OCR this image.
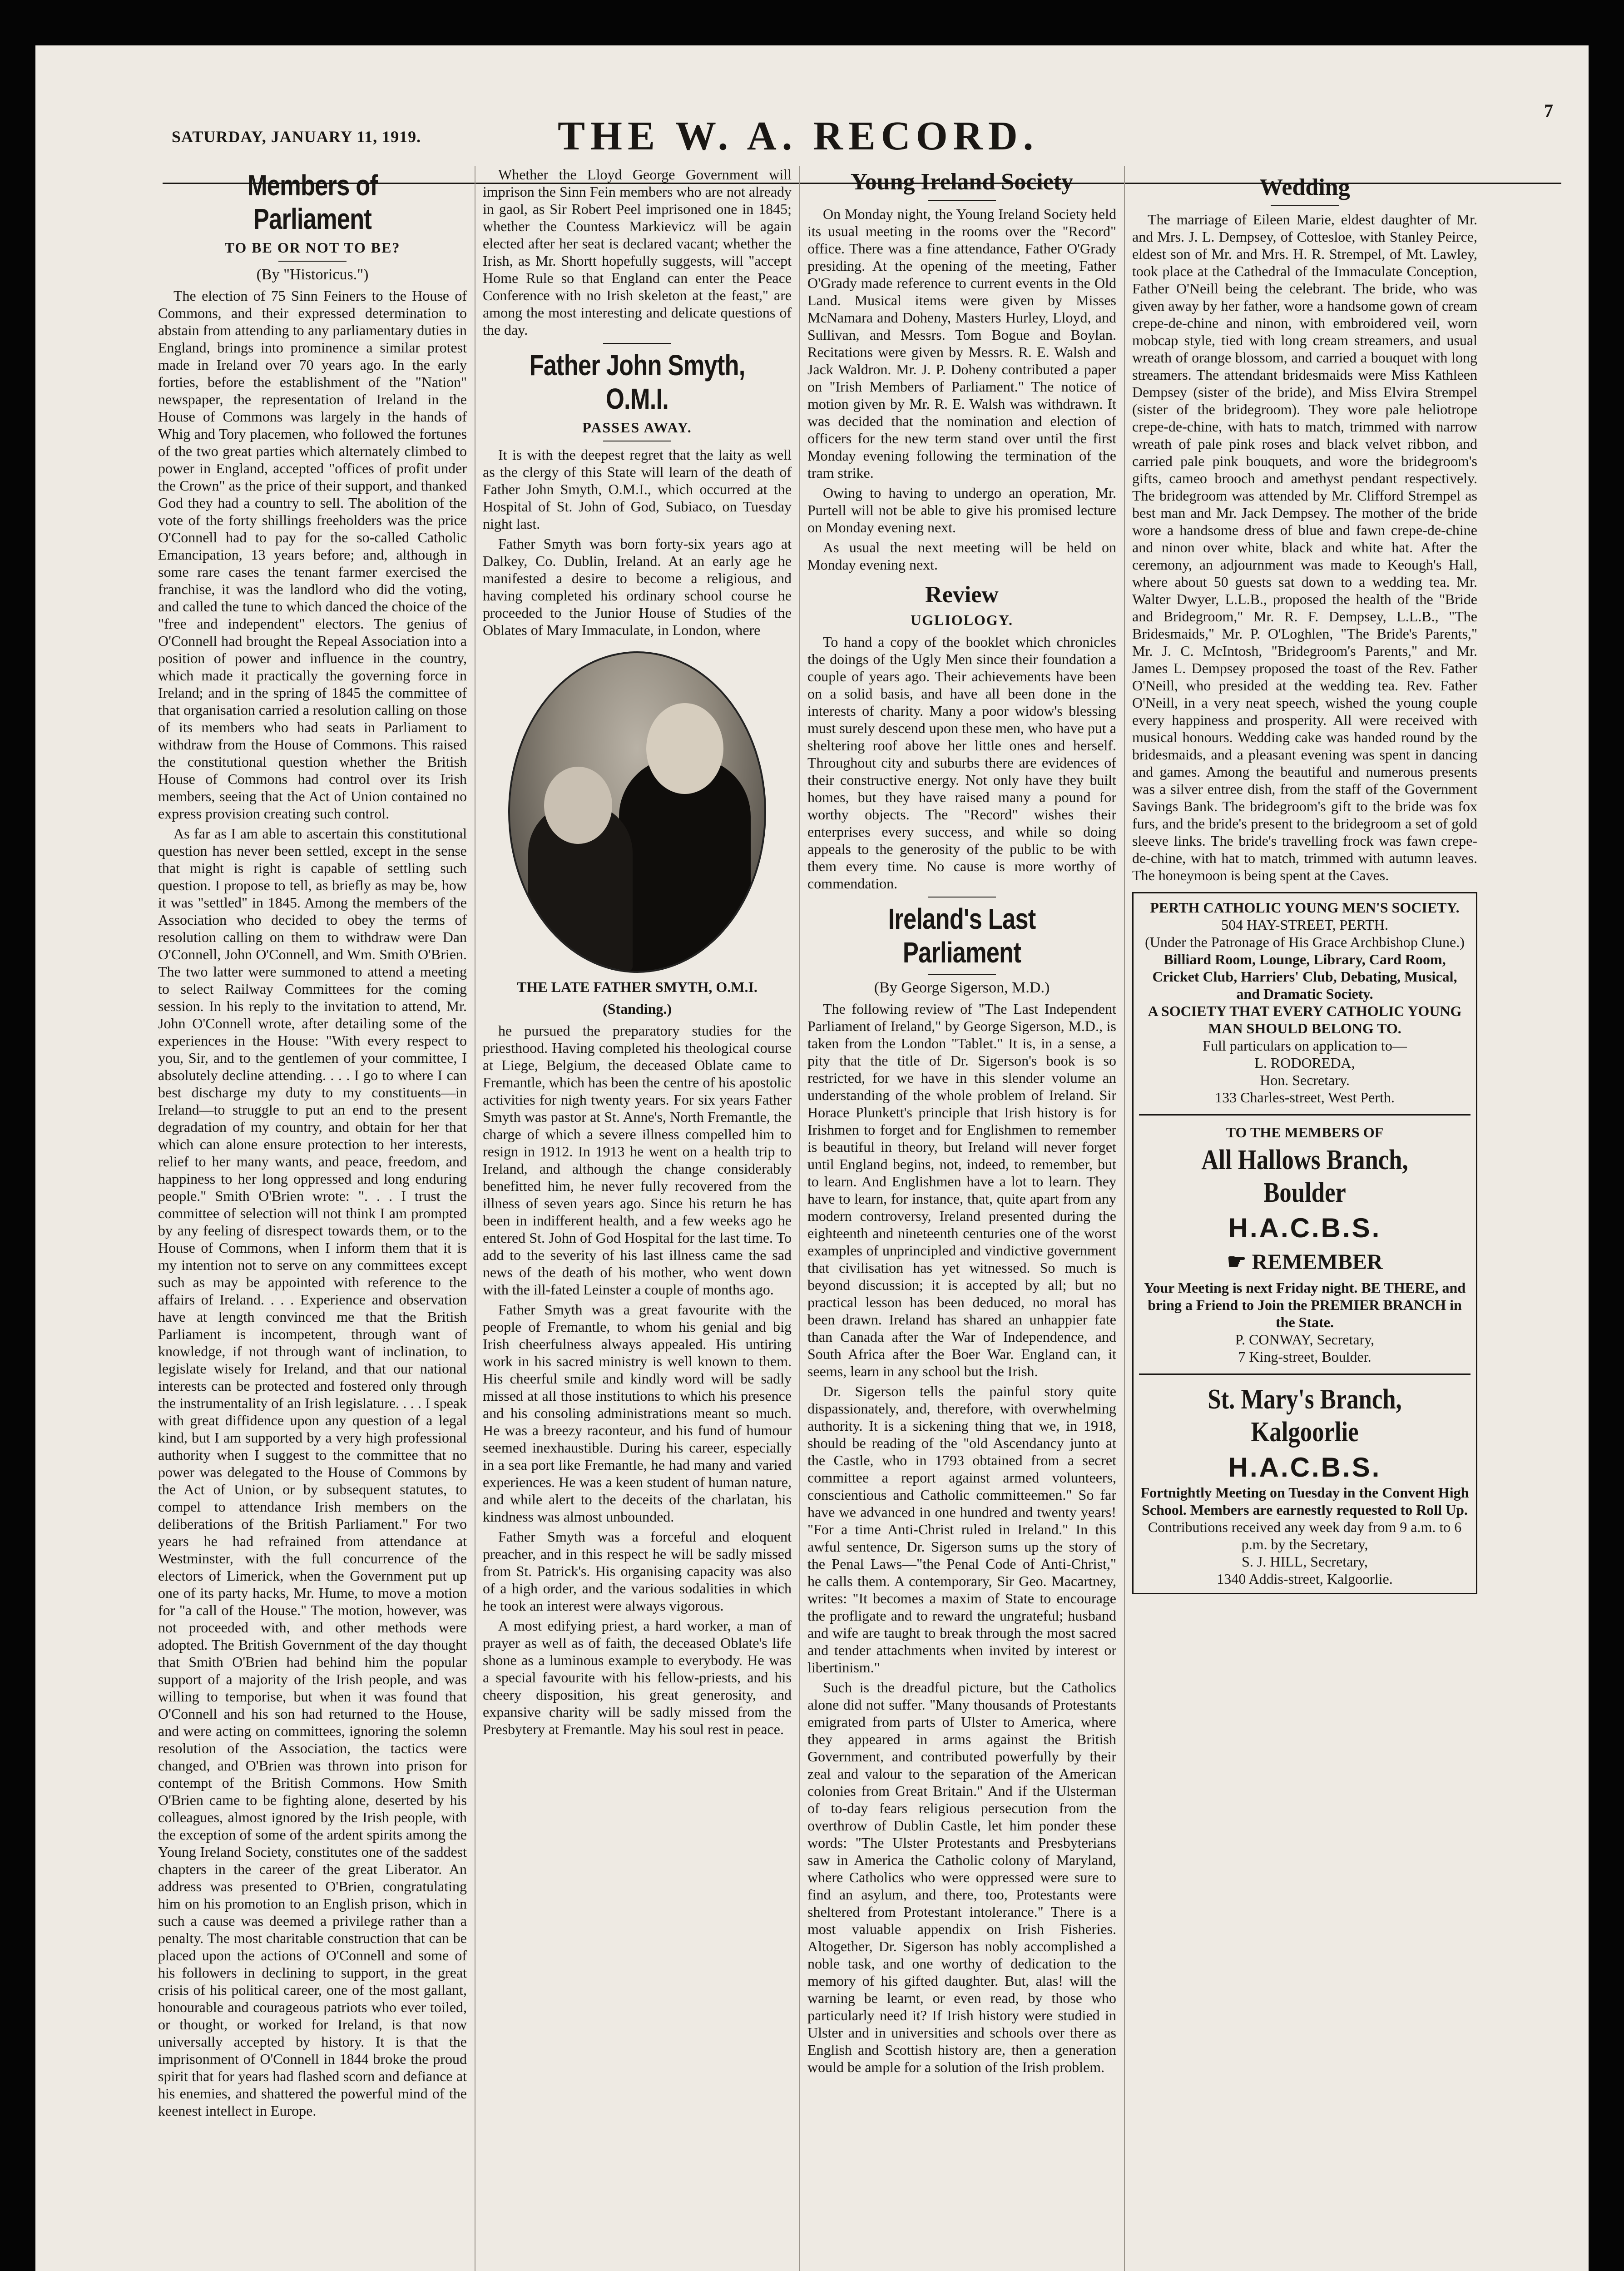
SATURDAY, JANUARY 11, 1919.	THE W. A. RECORD.
7
Members of Parliament
TO BE OR NOT TO BE?
(By "Historicus.")

The election of 75 Sinn Feiners to the House of Commons, and their expressed determination to abstain from attending to any parliamentary duties in England, brings into prominence a similar protest made in Ireland over 70 years ago. In the early forties, before the establishment of the "Nation" newspaper, the representation of Ireland in the House of Commons was largely in the hands of Whig and Tory placemen, who followed the fortunes of the two great parties which alternately climbed to power in England, accepted "offices of profit under the Crown" as the price of their support, and thanked God they had a country to sell. The abolition of the vote of the forty shillings freeholders was the price O'Connell had to pay for the so-called Catholic Emancipation, 13 years before; and, although in some rare cases the tenant farmer exercised the franchise, it was the landlord who did the voting, and called the tune to which danced the choice of the "free and independent" electors. The genius of O'Connell had brought the Repeal Association into a position of power and influence in the country, which made it practically the governing force in Ireland; and in the spring of 1845 the committee of that organisation carried a resolution calling on those of its members who had seats in Parliament to withdraw from the House of Commons. This raised the constitutional question whether the British House of Commons had control over its Irish members, seeing that the Act of Union contained no express provision creating such control.

As far as I am able to ascertain this constitutional question has never been settled, except in the sense that might is right is capable of settling such question. I propose to tell, as briefly as may be, how it was "settled" in 1845. Among the members of the Association who decided to obey the terms of resolution calling on them to withdraw were Dan O'Connell, John O'Connell, and Wm. Smith O'Brien. The two latter were summoned to attend a meeting to select Railway Committees for the coming session. In his reply to the invitation to attend, Mr. John O'Connell wrote, after detailing some of the experiences in the House: "With every respect to you, Sir, and to the gentlemen of your committee, I absolutely decline attending. . . . I go to where I can best discharge my duty to my constituents—in Ireland—to struggle to put an end to the present degradation of my country, and obtain for her that which can alone ensure protection to her interests, relief to her many wants, and peace, freedom, and happiness to her long oppressed and long enduring people." Smith O'Brien wrote: ". . . I trust the committee of selection will not think I am prompted by any feeling of disrespect towards them, or to the House of Commons, when I inform them that it is my intention not to serve on any committees except such as may be appointed with reference to the affairs of Ireland. . . . Experience and observation have at length convinced me that the British Parliament is incompetent, through want of knowledge, if not through want of inclination, to legislate wisely for Ireland, and that our national interests can be protected and fostered only through the instrumentality of an Irish legislature. . . . I speak with great diffidence upon any question of a legal kind, but I am supported by a very high professional authority when I suggest to the committee that no power was delegated to the House of Commons by the Act of Union, or by subsequent statutes, to compel to attendance Irish members on the deliberations of the British Parliament." For two years he had refrained from attendance at Westminster, with the full concurrence of the electors of Limerick, when the Government put up one of its party hacks, Mr. Hume, to move a motion for "a call of the House." The motion, however, was not proceeded with, and other methods were adopted. The British Government of the day thought that Smith O'Brien had behind him the popular support of a majority of the Irish people, and was willing to temporise, but when it was found that O'Connell and his son had returned to the House, and were acting on committees, ignoring the solemn resolution of the Association, the tactics were changed, and O'Brien was thrown into prison for contempt of the British Commons. How Smith O'Brien came to be fighting alone, deserted by his colleagues, almost ignored by the Irish people, with the exception of some of the ardent spirits among the Young Ireland Society, constitutes one of the saddest chapters in the career of the great Liberator. An address was presented to O'Brien, congratulating him on his promotion to an English prison, which in such a cause was deemed a privilege rather than a penalty. The most charitable construction that can be placed upon the actions of O'Connell and some of his followers in declining to support, in the great crisis of his political career, one of the most gallant, honourable and courageous patriots who ever toiled, or thought, or worked for Ireland, is that now universally accepted by history. It is that the imprisonment of O'Connell in 1844 broke the proud spirit that for years had flashed scorn and defiance at his enemies, and shattered the powerful mind of the keenest intellect in Europe.

Whether the Lloyd George Government will imprison the Sinn Fein members who are not already in gaol, as Sir Robert Peel imprisoned one in 1845; whether the Countess Markievicz will be again elected after her seat is declared vacant; whether the Irish, as Mr. Shortt hopefully suggests, will "accept Home Rule so that England can enter the Peace Conference with no Irish skeleton at the feast," are among the most interesting and delicate questions of the day.

Father John Smyth, O.M.I.
PASSES AWAY.

It is with the deepest regret that the laity as well as the clergy of this State will learn of the death of Father John Smyth, O.M.I., which occurred at the Hospital of St. John of God, Subiaco, on Tuesday night last.

Father Smyth was born forty-six years ago at Dalkey, Co. Dublin, Ireland. At an early age he manifested a desire to become a religious, and having completed his ordinary school course he proceeded to the Junior House of Studies of the Oblates of Mary Immaculate, in London, where

THE LATE FATHER SMYTH, O.M.I.
(Standing.)

he pursued the preparatory studies for the priesthood. Having completed his theological course at Liege, Belgium, the deceased Oblate came to Fremantle, which has been the centre of his apostolic activities for nigh twenty years. For six years Father Smyth was pastor at St. Anne's, North Fremantle, the charge of which a severe illness compelled him to resign in 1912. In 1913 he went on a health trip to Ireland, and although the change considerably benefitted him, he never fully recovered from the illness of seven years ago. Since his return he has been in indifferent health, and a few weeks ago he entered St. John of God Hospital for the last time. To add to the severity of his last illness came the sad news of the death of his mother, who went down with the ill-fated Leinster a couple of months ago.

Father Smyth was a great favourite with the people of Fremantle, to whom his genial and big Irish cheerfulness always appealed. His untiring work in his sacred ministry is well known to them. His cheerful smile and kindly word will be sadly missed at all those institutions to which his presence and his consoling administrations meant so much. He was a breezy raconteur, and his fund of humour seemed inexhaustible. During his career, especially in a sea port like Fremantle, he had many and varied experiences. He was a keen student of human nature, and while alert to the deceits of the charlatan, his kindness was almost unbounded.

Father Smyth was a forceful and eloquent preacher, and in this respect he will be sadly missed from St. Patrick's. His organising capacity was also of a high order, and the various sodalities in which he took an interest were always vigorous.

A most edifying priest, a hard worker, a man of prayer as well as of faith, the deceased Oblate's life shone as a luminous example to everybody. He was a special favourite with his fellow-priests, and his cheery disposition, his great generosity, and expansive charity will be sadly missed from the Presbytery at Fremantle. May his soul rest in peace.

Young Ireland Society

On Monday night, the Young Ireland Society held its usual meeting in the rooms over the "Record" office. There was a fine attendance, Father O'Grady presiding. At the opening of the meeting, Father O'Grady made reference to current events in the Old Land. Musical items were given by Misses McNamara and Doheny, Masters Hurley, Lloyd, and Sullivan, and Messrs. Tom Bogue and Boylan. Recitations were given by Messrs. R. E. Walsh and Jack Waldron. Mr. J. P. Doheny contributed a paper on "Irish Members of Parliament." The notice of motion given by Mr. R. E. Walsh was withdrawn. It was decided that the nomination and election of officers for the new term stand over until the first Monday evening following the termination of the tram strike.

Owing to having to undergo an operation, Mr. Purtell will not be able to give his promised lecture on Monday evening next.

As usual the next meeting will be held on Monday evening next.

Review
UGLIOLOGY.

To hand a copy of the booklet which chronicles the doings of the Ugly Men since their foundation a couple of years ago. Their achievements have been on a solid basis, and have all been done in the interests of charity. Many a poor widow's blessing must surely descend upon these men, who have put a sheltering roof above her little ones and herself. Throughout city and suburbs there are evidences of their constructive energy. Not only have they built homes, but they have raised many a pound for worthy objects. The "Record" wishes their enterprises every success, and while so doing appeals to the generosity of the public to be with them every time. No cause is more worthy of commendation.

Ireland's Last Parliament
(By George Sigerson, M.D.)

The following review of "The Last Independent Parliament of Ireland," by George Sigerson, M.D., is taken from the London "Tablet." It is, in a sense, a pity that the title of Dr. Sigerson's book is so restricted, for we have in this slender volume an understanding of the whole problem of Ireland. Sir Horace Plunkett's principle that Irish history is for Irishmen to forget and for Englishmen to remember is beautiful in theory, but Ireland will never forget until England begins, not, indeed, to remember, but to learn. And Englishmen have a lot to learn. They have to learn, for instance, that, quite apart from any modern controversy, Ireland presented during the eighteenth and nineteenth centuries one of the worst examples of unprincipled and vindictive government that civilisation has yet witnessed. So much is beyond discussion; it is accepted by all; but no practical lesson has been deduced, no moral has been drawn. Ireland has shared an unhappier fate than Canada after the War of Independence, and South Africa after the Boer War. England can, it seems, learn in any school but the Irish.

Dr. Sigerson tells the painful story quite dispassionately, and, therefore, with overwhelming authority. It is a sickening thing that we, in 1918, should be reading of the "old Ascendancy junto at the Castle, who in 1793 obtained from a secret committee a report against armed volunteers, conscientious and Catholic committeemen." So far have we advanced in one hundred and twenty years! "For a time Anti-Christ ruled in Ireland." In this awful sentence, Dr. Sigerson sums up the story of the Penal Laws—"the Penal Code of Anti-Christ," he calls them. A contemporary, Sir Geo. Macartney, writes: "It becomes a maxim of State to encourage the profligate and to reward the ungrateful; husband and wife are taught to break through the most sacred and tender attachments when invited by interest or libertinism."

Such is the dreadful picture, but the Catholics alone did not suffer. "Many thousands of Protestants emigrated from parts of Ulster to America, where they appeared in arms against the British Government, and contributed powerfully by their zeal and valour to the separation of the American colonies from Great Britain." And if the Ulsterman of to-day fears religious persecution from the overthrow of Dublin Castle, let him ponder these words: "The Ulster Protestants and Presbyterians saw in America the Catholic colony of Maryland, where Catholics who were oppressed were sure to find an asylum, and there, too, Protestants were sheltered from Protestant intolerance." There is a most valuable appendix on Irish Fisheries. Altogether, Dr. Sigerson has nobly accomplished a noble task, and one worthy of dedication to the memory of his gifted daughter. But, alas! will the warning be learnt, or even read, by those who particularly need it? If Irish history were studied in Ulster and in universities and schools over there as English and Scottish history are, then a generation would be ample for a solution of the Irish problem.

Wedding

The marriage of Eileen Marie, eldest daughter of Mr. and Mrs. J. L. Dempsey, of Cottesloe, with Stanley Peirce, eldest son of Mr. and Mrs. H. R. Strempel, of Mt. Lawley, took place at the Cathedral of the Immaculate Conception, Father O'Neill being the celebrant. The bride, who was given away by her father, wore a handsome gown of cream crepe-de-chine and ninon, with embroidered veil, worn mobcap style, tied with long cream streamers, and usual wreath of orange blossom, and carried a bouquet with long streamers. The attendant bridesmaids were Miss Kathleen Dempsey (sister of the bride), and Miss Elvira Strempel (sister of the bridegroom). They wore pale heliotrope crepe-de-chine, with hats to match, trimmed with narrow wreath of pale pink roses and black velvet ribbon, and carried pale pink bouquets, and wore the bridegroom's gifts, cameo brooch and amethyst pendant respectively. The bridegroom was attended by Mr. Clifford Strempel as best man and Mr. Jack Dempsey. The mother of the bride wore a handsome dress of blue and fawn crepe-de-chine and ninon over white, black and white hat. After the ceremony, an adjournment was made to Keough's Hall, where about 50 guests sat down to a wedding tea. Mr. Walter Dwyer, L.L.B., proposed the health of the "Bride and Bridegroom," Mr. R. F. Dempsey, L.L.B., "The Bridesmaids," Mr. P. O'Loghlen, "The Bride's Parents," Mr. J. C. McIntosh, "Bridegroom's Parents," and Mr. James L. Dempsey proposed the toast of the Rev. Father O'Neill, who presided at the wedding tea. Rev. Father O'Neill, in a very neat speech, wished the young couple every happiness and prosperity. All were received with musical honours. Wedding cake was handed round by the bridesmaids, and a pleasant evening was spent in dancing and games. Among the beautiful and numerous presents was a silver entree dish, from the staff of the Government Savings Bank. The bridegroom's gift to the bride was fox furs, and the bride's present to the bridegroom a set of gold sleeve links. The bride's travelling frock was fawn crepe-de-chine, with hat to match, trimmed with autumn leaves. The honeymoon is being spent at the Caves.

PERTH CATHOLIC YOUNG MEN'S SOCIETY.
504 HAY-STREET, PERTH.
(Under the Patronage of His Grace Archbishop Clune.)
Billiard Room, Lounge, Library, Card Room, Cricket Club, Harriers' Club, Debating, Musical, and Dramatic Society.
A SOCIETY THAT EVERY CATHOLIC YOUNG MAN SHOULD BELONG TO.
Full particulars on application to—
L. RODOREDA,
Hon. Secretary.
133 Charles-street, West Perth.
TO THE MEMBERS OF
All Hallows Branch, Boulder
H.A.C.B.S.
☛ REMEMBER
Your Meeting is next Friday night. BE THERE, and bring a Friend to Join the PREMIER BRANCH in the State.
P. CONWAY, Secretary,
7 King-street, Boulder.
St. Mary's Branch, Kalgoorlie
H.A.C.B.S.
Fortnightly Meeting on Tuesday in the Convent High School. Members are earnestly requested to Roll Up.
Contributions received any week day from 9 a.m. to 6 p.m. by the Secretary,
S. J. HILL, Secretary,
1340 Addis-street, Kalgoorlie.
